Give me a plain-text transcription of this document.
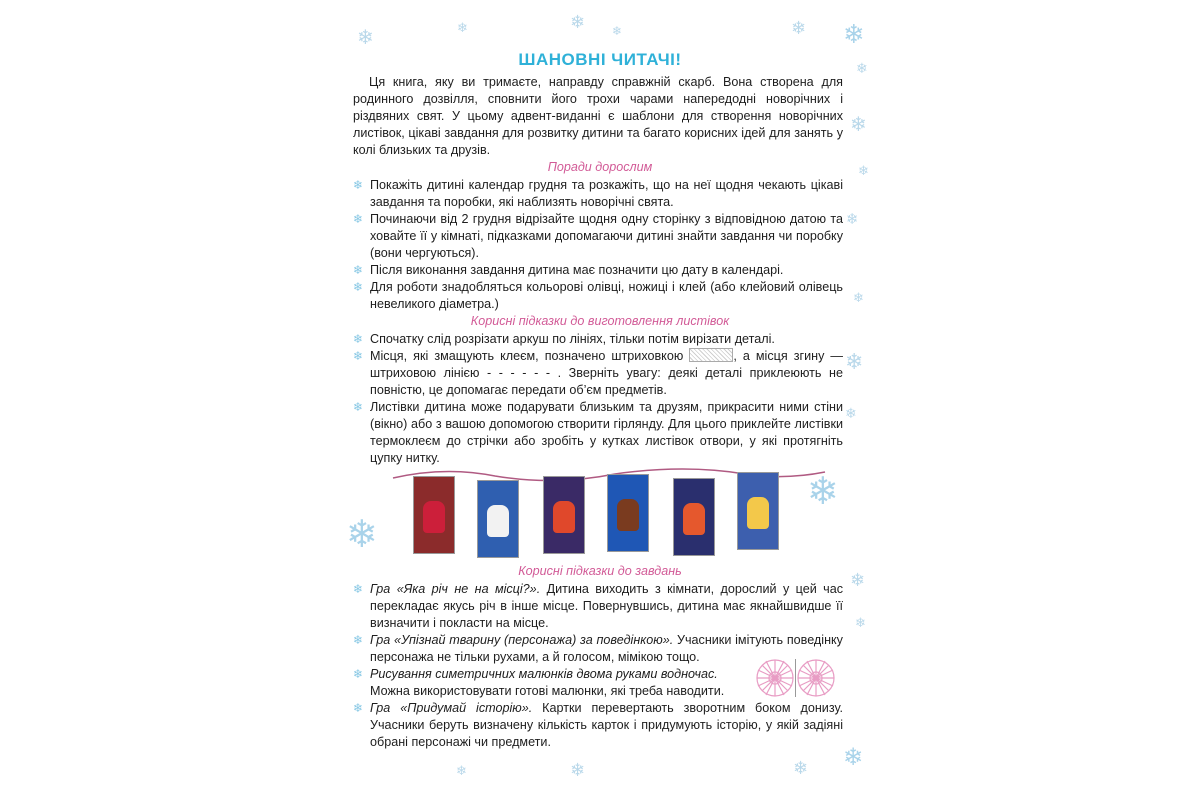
❄	❄	❄ ❄	❄ ❄
❄
❄
❄
❄
❄
❄
❄
❄
❄
❄
❄
❄	❄	❄ ❄
ШАНОВНІ ЧИТАЧІ!
Ця книга, яку ви тримаєте, направду справжній скарб. Вона створена для родинного дозвілля, сповнити його трохи чарами напередодні новорічних і різдвяних свят. У цьому адвент-виданні є шаблони для створення новорічних листівок, цікаві завдання для розвитку дитини та багато корисних ідей для занять у колі близьких та друзів.
Поради дорослим
❄ Покажіть дитині календар грудня та розкажіть, що на неї щодня чекають цікаві завдання та поробки, які наблизять новорічні свята.
❄ Починаючи від 2 грудня відрізайте щодня одну сторінку з відповідною датою та ховайте її у кімнаті, підказками допомагаючи дитині знайти завдання чи поробку (вони чергуються).
❄ Після виконання завдання дитина має позначити цю дату в календарі.
❄ Для роботи знадобляться кольорові олівці, ножиці і клей (або клейовий олівець невеликого діаметра.)
Корисні підказки до виготовлення листівок
❄ Спочатку слід розрізати аркуш по лініях, тільки потім вирізати деталі.
❄ Місця, які змащують клеєм, позначено штриховкою	, а місця згину — штриховою лінією - - - - - - . Зверніть увагу: деякі деталі приклеюють не повністю, це допомагає передати об’єм предметів.
❄ Листівки дитина може подарувати близьким та друзям, прикрасити ними стіни (вікно) або з вашою допомогою створити гірлянду. Для цього приклейте листівки термоклеєм до стрічки або зробіть у кутках листівок отвори, у які протягніть цупку нитку.
Корисні підказки до завдань
❄ Гра «Яка річ не на місці?». Дитина виходить з кімнати, дорослий у цей час перекладає якусь річ в інше місце. Повернувшись, дитина має якнайшвидше її визначити і покласти на місце.
❄ Гра «Упізнай тварину (персонажа) за поведінкою». Учасники імітують поведінку персонажа не тільки рухами, а й голосом, мімікою тощо.
❄ Рисування симетричних малюнків двома руками водночас.
Можна використовувати готові малюнки, які треба наводити.
❄ Гра «Придумай історію». Картки перевертають зворотним боком донизу. Учасники беруть визначену кількість карток і придумують історію, у якій задіяні обрані персонажі чи предмети.
